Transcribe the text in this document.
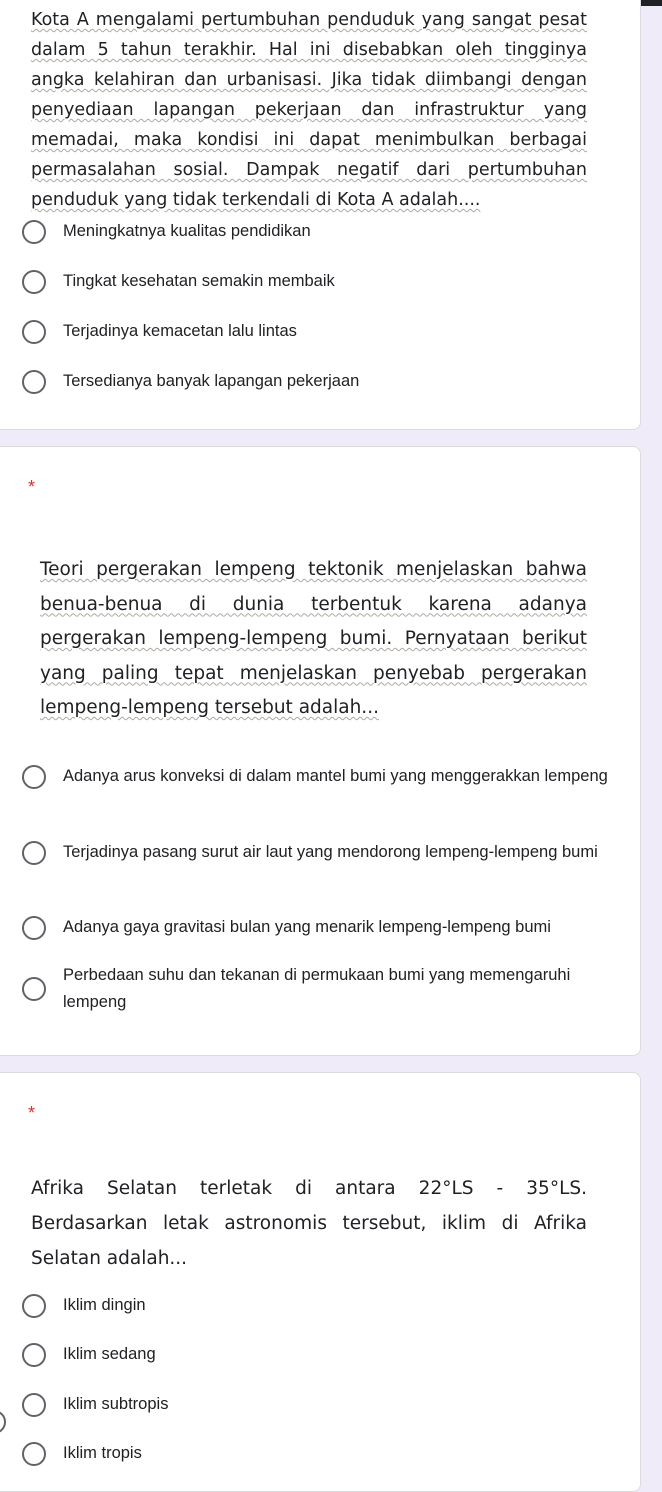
Kota A mengalami pertumbuhan penduduk yang sangat pesat dalam 5 tahun terakhir. Hal ini disebabkan oleh tingginya angka kelahiran dan urbanisasi. Jika tidak diimbangi dengan penyediaan lapangan pekerjaan dan infrastruktur yang memadai, maka kondisi ini dapat menimbulkan berbagai permasalahan sosial. Dampak negatif dari pertumbuhan penduduk yang tidak terkendali di Kota A adalah....
Meningkatnya kualitas pendidikan
Tingkat kesehatan semakin membaik
Terjadinya kemacetan lalu lintas
Tersedianya banyak lapangan pekerjaan
*
Teori pergerakan lempeng tektonik menjelaskan bahwa benua-benua di dunia terbentuk karena adanya pergerakan lempeng-lempeng bumi. Pernyataan berikut yang paling tepat menjelaskan penyebab pergerakan lempeng-lempeng tersebut adalah...
Adanya arus konveksi di dalam mantel bumi yang menggerakkan lempeng
Terjadinya pasang surut air laut yang mendorong lempeng-lempeng bumi
Adanya gaya gravitasi bulan yang menarik lempeng-lempeng bumi
Perbedaan suhu dan tekanan di permukaan bumi yang memengaruhi lempeng
*
Afrika Selatan terletak di antara 22°LS - 35°LS. Berdasarkan letak astronomis tersebut, iklim di Afrika Selatan adalah...
Iklim dingin
Iklim sedang
Iklim subtropis
Iklim tropis
